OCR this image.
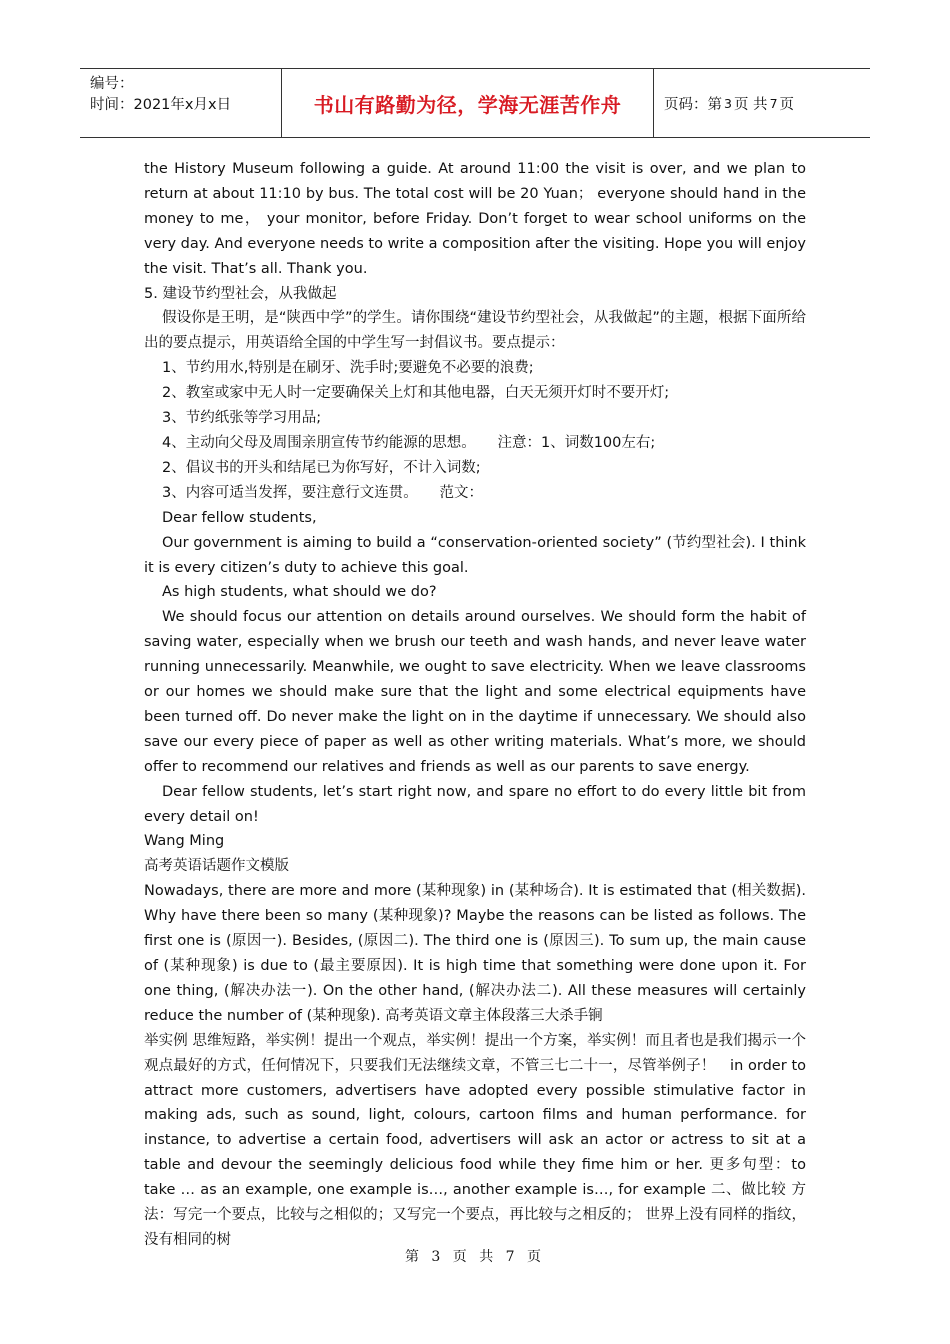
编号：
时间：2021年x月x日	书山有路勤为径，学海无涯苦作舟	页码：第 3 页 共 7 页

the History Museum following a guide. At around 11:00 the visit is over, and we plan to return at about 11:10 by bus. The total cost will be 20 Yuan； everyone should hand in the money to me， your monitor, before Friday. Don’t forget to wear school uniforms on the very day. And everyone needs to write a composition after the visiting. Hope you will enjoy the visit. That’s all. Thank you.

5. 建设节约型社会，从我做起

假设你是王明，是“陕西中学”的学生。请你围绕“建设节约型社会，从我做起”的主题，根据下面所给出的要点提示，用英语给全国的中学生写一封倡议书。要点提示：

1、节约用水,特别是在刷牙、洗手时;要避免不必要的浪费;

2、教室或家中无人时一定要确保关上灯和其他电器，白天无须开灯时不要开灯;

3、节约纸张等学习用品;

4、主动向父母及周围亲朋宣传节约能源的思想。　　注意：1、词数100左右;

2、倡议书的开头和结尾已为你写好，不计入词数;

3、内容可适当发挥，要注意行文连贯。　　范文：

Dear fellow students,

Our government is aiming to build a “conservation-oriented society” (节约型社会). I think it is every citizen’s duty to achieve this goal.

As high students, what should we do?

We should focus our attention on details around ourselves. We should form the habit of saving water, especially when we brush our teeth and wash hands, and never leave water running unnecessarily. Meanwhile, we ought to save electricity. When we leave classrooms or our homes we should make sure that the light and some electrical equipments have been turned off. Do never make the light on in the daytime if unnecessary. We should also save our every piece of paper as well as other writing materials. What’s more, we should offer to recommend our relatives and friends as well as our parents to save energy.

Dear fellow students, let’s start right now, and spare no effort to do every little bit from every detail on!

Wang Ming

高考英语话题作文模版

Nowadays, there are more and more (某种现象) in (某种场合). It is estimated that (相关数据). Why have there been so many (某种现象)? Maybe the reasons can be listed as follows. The first one is (原因一). Besides, (原因二). The third one is (原因三). To sum up, the main cause of (某种现象) is due to (最主要原因). It is high time that something were done upon it. For one thing, (解决办法一). On the other hand, (解决办法二). All these measures will certainly reduce the number of (某种现象). 高考英语文章主体段落三大杀手锏

举实例 思维短路，举实例！提出一个观点，举实例！提出一个方案，举实例！而且者也是我们揭示一个观点最好的方式，任何情况下，只要我们无法继续文章，不管三七二十一，尽管举例子！　in order to attract more customers, advertisers have adopted every possible stimulative factor in making ads, such as sound, light, colours, cartoon films and human performance. for instance, to advertise a certain food, advertisers will ask an actor or actress to sit at a table and devour the seemingly delicious food while they fime him or her. 更多句型：to take … as an example, one example is…, another example is…, for example 二、做比较 方法：写完一个要点，比较与之相似的；又写完一个要点，再比较与之相反的； 世界上没有同样的指纹，没有相同的树

第 3 页 共 7 页
